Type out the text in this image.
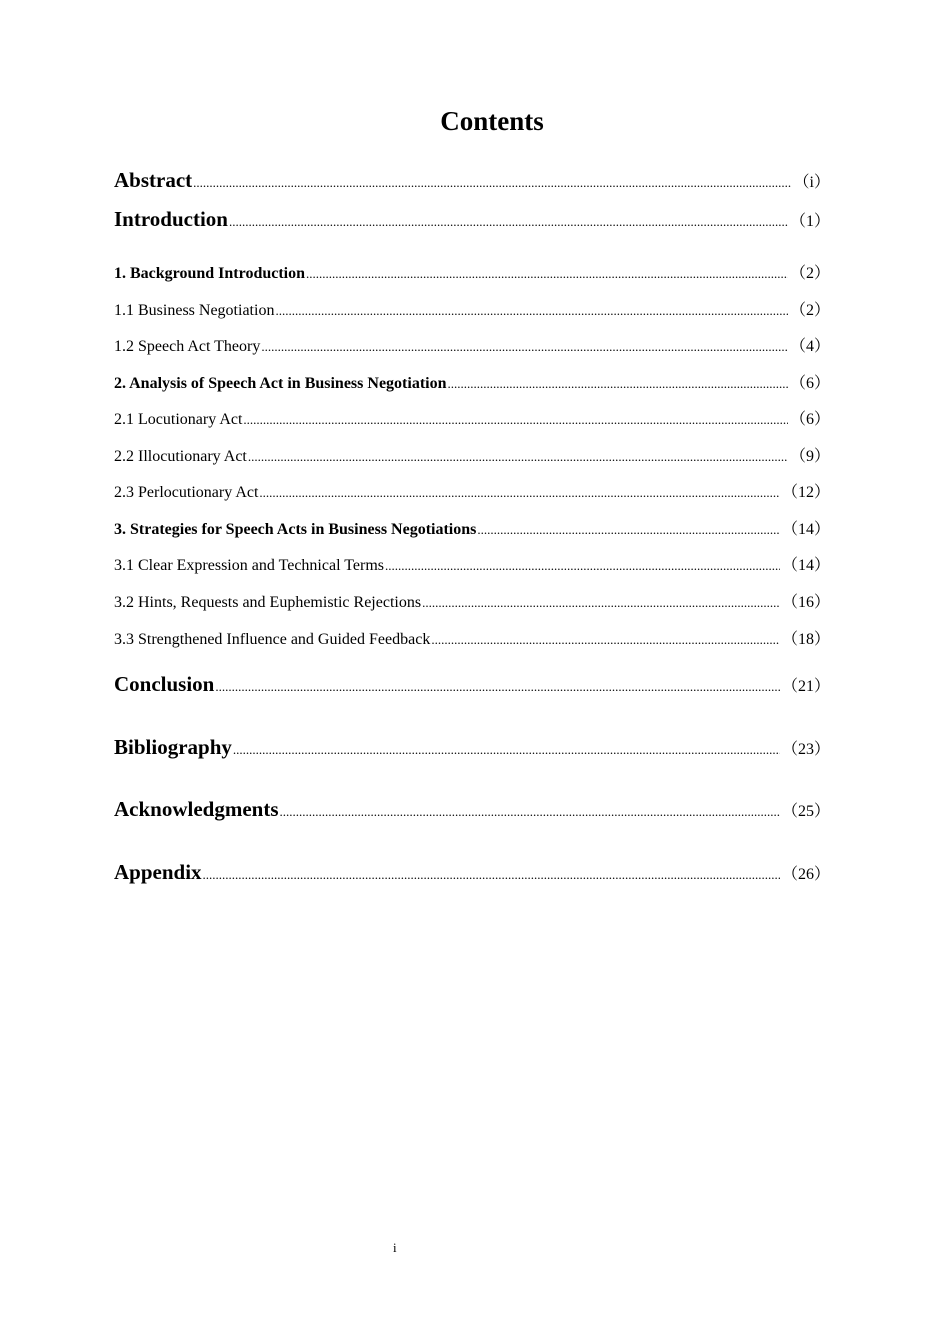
Contents
Abstract .....	（i）
Introduction .....	（1）
1. Background Introduction .....	（2）
1.1 Business Negotiation .....	（2）
1.2 Speech Act Theory .....	（4）
2. Analysis of Speech Act in Business Negotiation .....	（6）
2.1 Locutionary Act .....	（6）
2.2 Illocutionary Act .....	（9）
2.3 Perlocutionary Act .....	（12）
3. Strategies for Speech Acts in Business Negotiations .....	（14）
3.1 Clear Expression and Technical Terms .....	（14）
3.2 Hints, Requests and Euphemistic Rejections .....	（16）
3.3 Strengthened Influence and Guided Feedback .....	（18）
Conclusion .....	（21）
Bibliography .....	（23）
Acknowledgments .....	（25）
Appendix .....	（26）
i
